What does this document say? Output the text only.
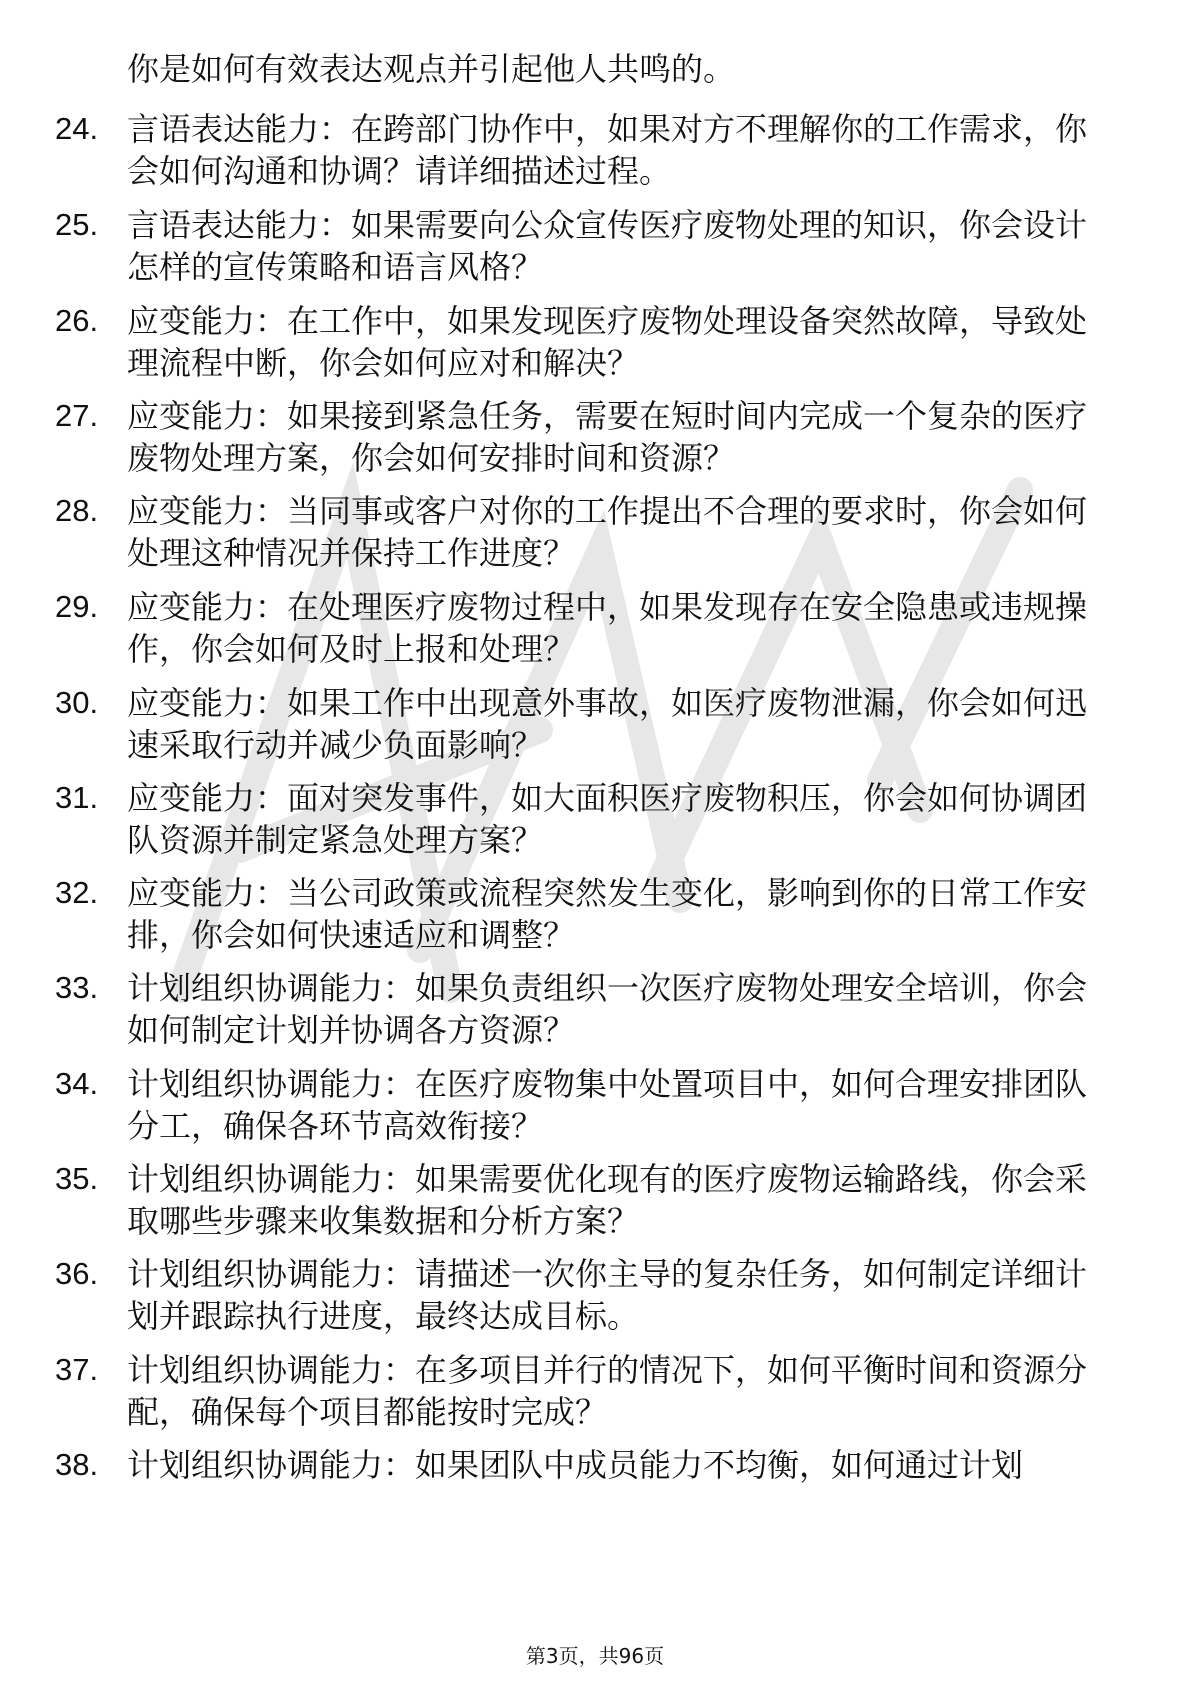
你是如何有效表达观点并引起他人共鸣的。
24. 言语表达能力：在跨部门协作中，如果对方不理解你的工作需求，你会如何沟通和协调？请详细描述过程。
25. 言语表达能力：如果需要向公众宣传医疗废物处理的知识，你会设计怎样的宣传策略和语言风格？
26. 应变能力：在工作中，如果发现医疗废物处理设备突然故障，导致处理流程中断，你会如何应对和解决？
27. 应变能力：如果接到紧急任务，需要在短时间内完成一个复杂的医疗废物处理方案，你会如何安排时间和资源？
28. 应变能力：当同事或客户对你的工作提出不合理的要求时，你会如何处理这种情况并保持工作进度？
29. 应变能力：在处理医疗废物过程中，如果发现存在安全隐患或违规操作，你会如何及时上报和处理？
30. 应变能力：如果工作中出现意外事故，如医疗废物泄漏，你会如何迅速采取行动并减少负面影响？
31. 应变能力：面对突发事件，如大面积医疗废物积压，你会如何协调团队资源并制定紧急处理方案？
32. 应变能力：当公司政策或流程突然发生变化，影响到你的日常工作安排，你会如何快速适应和调整？
33. 计划组织协调能力：如果负责组织一次医疗废物处理安全培训，你会如何制定计划并协调各方资源？
34. 计划组织协调能力：在医疗废物集中处置项目中，如何合理安排团队分工，确保各环节高效衔接？
35. 计划组织协调能力：如果需要优化现有的医疗废物运输路线，你会采取哪些步骤来收集数据和分析方案？
36. 计划组织协调能力：请描述一次你主导的复杂任务，如何制定详细计划并跟踪执行进度，最终达成目标。
37. 计划组织协调能力：在多项目并行的情况下，如何平衡时间和资源分配，确保每个项目都能按时完成？
38. 计划组织协调能力：如果团队中成员能力不均衡，如何通过计划
第3页，共96页
